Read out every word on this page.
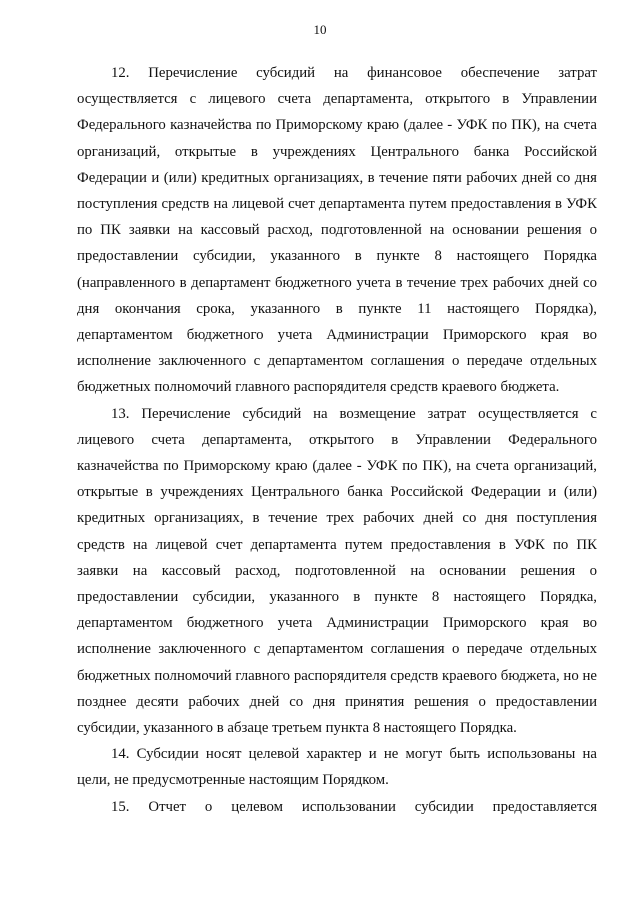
10

12. Перечисление субсидий на финансовое обеспечение затрат осуществляется с лицевого счета департамента, открытого в Управлении Федерального казначейства по Приморскому краю (далее - УФК по ПК), на счета организаций, открытые в учреждениях Центрального банка Российской Федерации и (или) кредитных организациях, в течение пяти рабочих дней со дня поступления средств на лицевой счет департамента путем предоставления в УФК по ПК заявки на кассовый расход, подготовленной на основании решения о предоставлении субсидии, указанного в пункте 8 настоящего Порядка (направленного в департамент бюджетного учета в течение трех рабочих дней со дня окончания срока, указанного в пункте 11 настоящего Порядка), департаментом бюджетного учета Администрации Приморского края во исполнение заключенного с департаментом соглашения о передаче отдельных бюджетных полномочий главного распорядителя средств краевого бюджета.

13. Перечисление субсидий на возмещение затрат осуществляется с лицевого счета департамента, открытого в Управлении Федерального казначейства по Приморскому краю (далее - УФК по ПК), на счета организаций, открытые в учреждениях Центрального банка Российской Федерации и (или) кредитных организациях, в течение трех рабочих дней со дня поступления средств на лицевой счет департамента путем предоставления в УФК по ПК заявки на кассовый расход, подготовленной на основании решения о предоставлении субсидии, указанного в пункте 8 настоящего Порядка, департаментом бюджетного учета Администрации Приморского края во исполнение заключенного с департаментом соглашения о передаче отдельных бюджетных полномочий главного распорядителя средств краевого бюджета, но не позднее десяти рабочих дней со дня принятия решения о предоставлении субсидии, указанного в абзаце третьем пункта 8 настоящего Порядка.

14. Субсидии носят целевой характер и не могут быть использованы на цели, не предусмотренные настоящим Порядком.

15. Отчет о целевом использовании субсидии предоставляется
